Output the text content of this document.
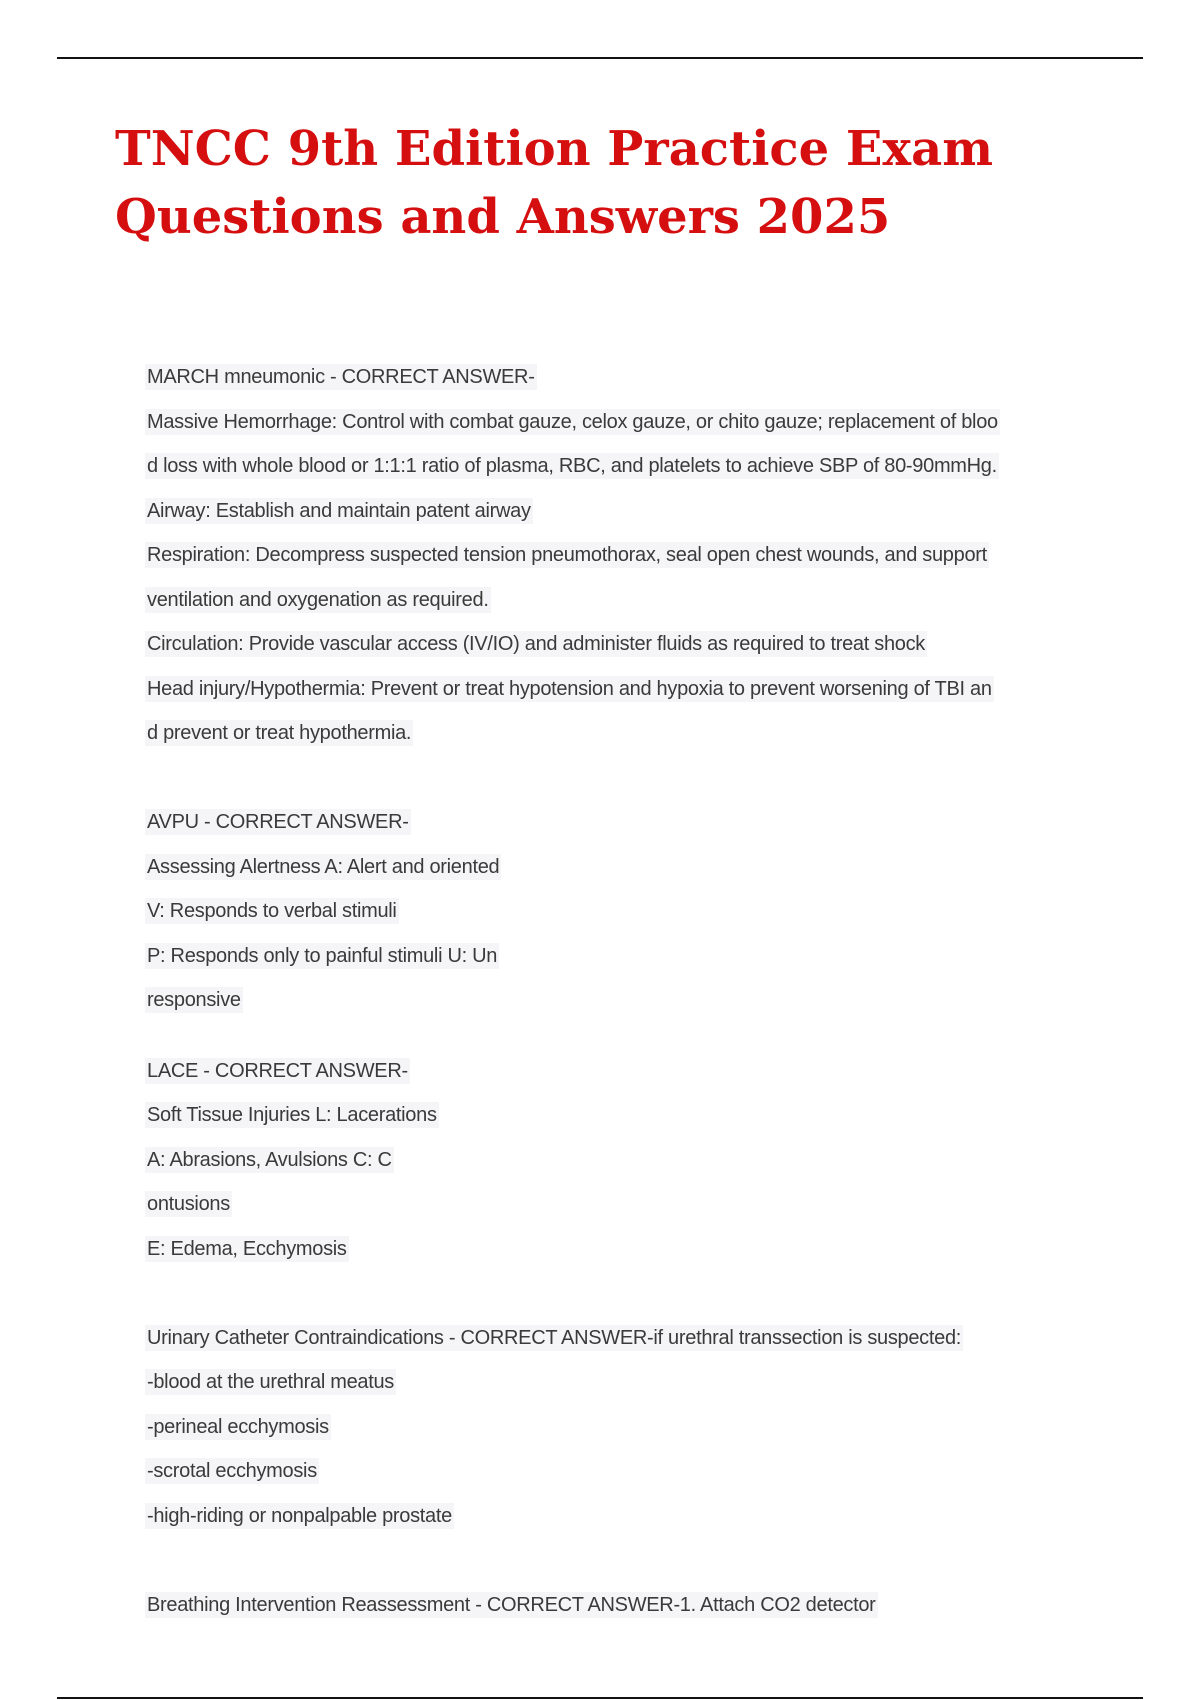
TNCC 9th Edition Practice Exam
Questions and Answers 2025
MARCH mneumonic - CORRECT ANSWER-
Massive Hemorrhage: Control with combat gauze, celox gauze, or chito gauze; replacement of bloo
d loss with whole blood or 1:1:1 ratio of plasma, RBC, and platelets to achieve SBP of 80-90mmHg.
Airway: Establish and maintain patent airway
Respiration: Decompress suspected tension pneumothorax, seal open chest wounds, and support
ventilation and oxygenation as required.
Circulation: Provide vascular access (IV/IO) and administer fluids as required to treat shock
Head injury/Hypothermia: Prevent or treat hypotension and hypoxia to prevent worsening of TBI an
d prevent or treat hypothermia.
AVPU - CORRECT ANSWER-
Assessing Alertness A: Alert and oriented
V: Responds to verbal stimuli
P: Responds only to painful stimuli U: Un
responsive
LACE - CORRECT ANSWER-
Soft Tissue Injuries L: Lacerations
A: Abrasions, Avulsions C: C
ontusions
E: Edema, Ecchymosis
Urinary Catheter Contraindications - CORRECT ANSWER-if urethral transsection is suspected:
-blood at the urethral meatus
-perineal ecchymosis
-scrotal ecchymosis
-high-riding or nonpalpable prostate
Breathing Intervention Reassessment - CORRECT ANSWER-1. Attach CO2 detector
